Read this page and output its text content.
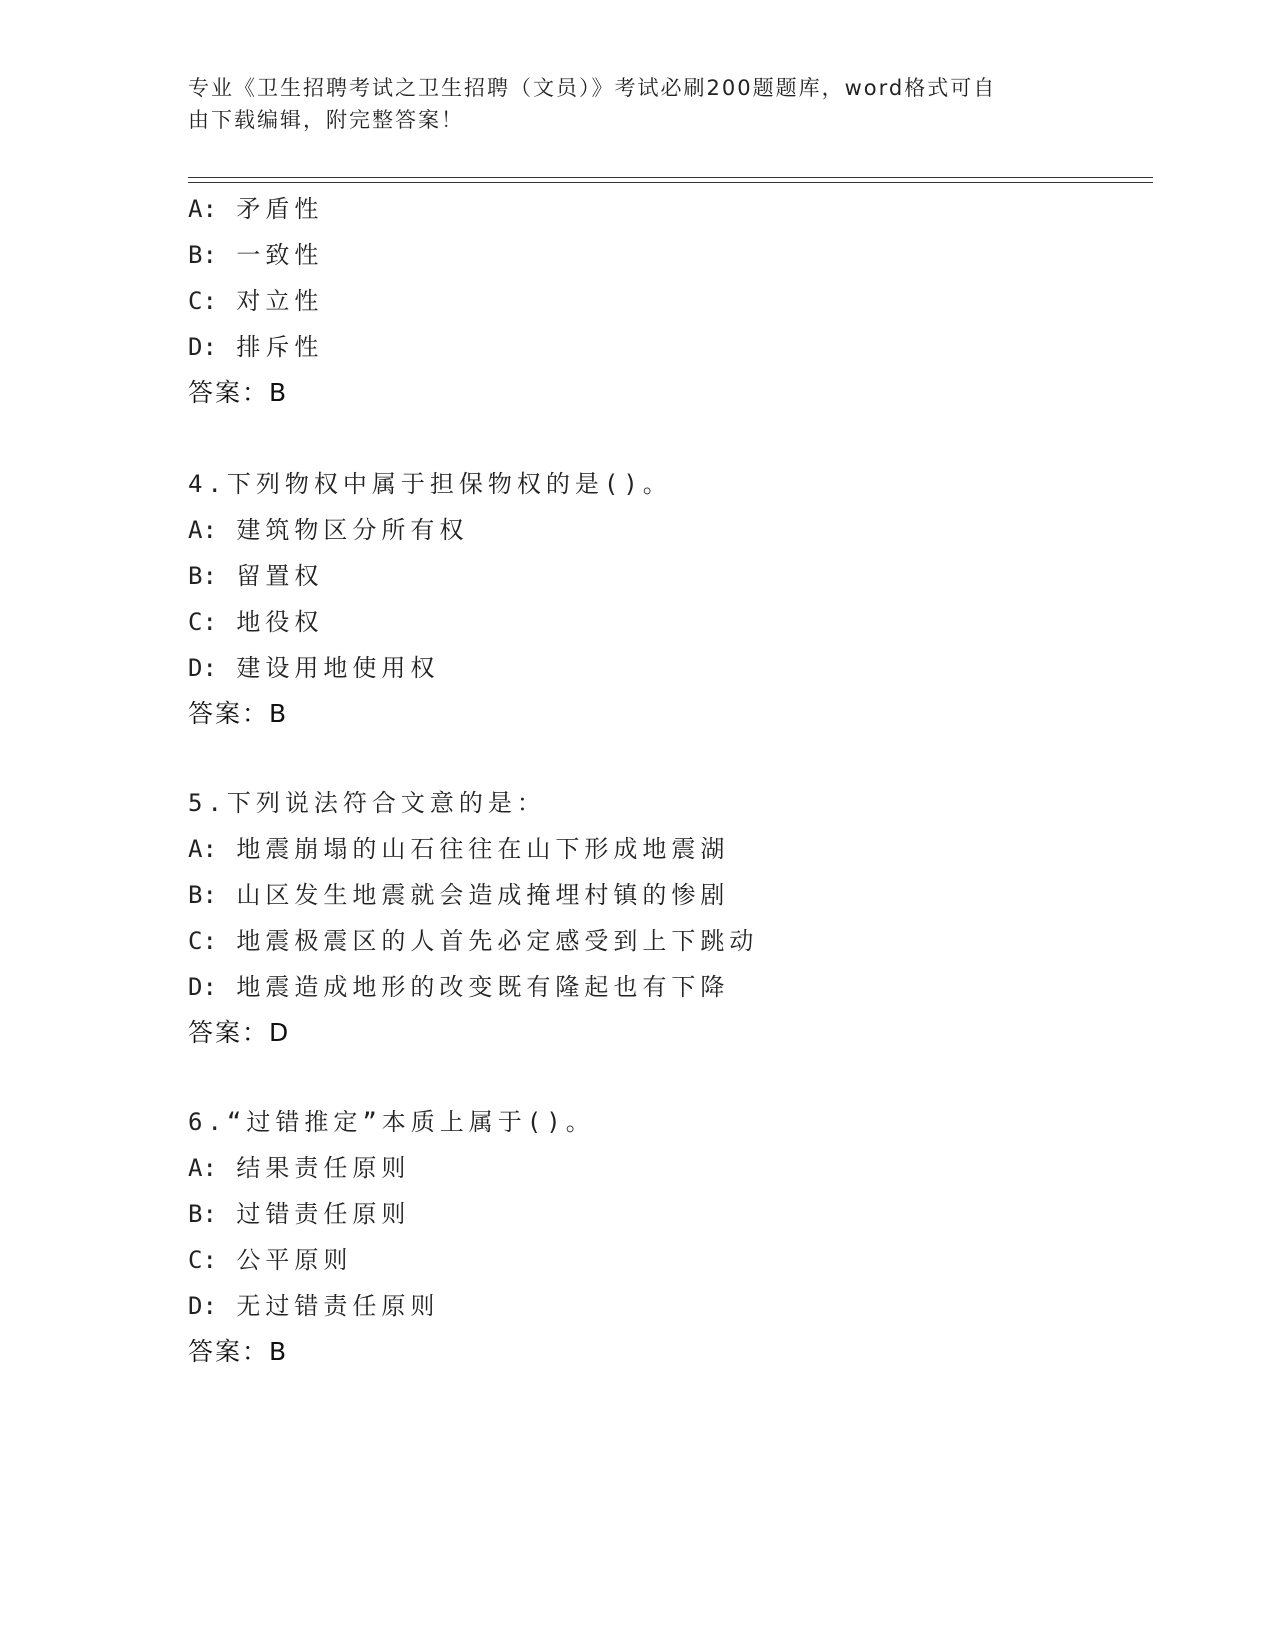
专业《卫生招聘考试之卫生招聘（文员）》考试必刷200题题库，word格式可自
由下载编辑，附完整答案！
A: 矛盾性
B: 一致性
C: 对立性
D: 排斥性
答案：B
4.下列物权中属于担保物权的是()。
A: 建筑物区分所有权
B: 留置权
C: 地役权
D: 建设用地使用权
答案：B
5.下列说法符合文意的是：
A: 地震崩塌的山石往往在山下形成地震湖
B: 山区发生地震就会造成掩埋村镇的惨剧
C: 地震极震区的人首先必定感受到上下跳动
D: 地震造成地形的改变既有隆起也有下降
答案：D
6.“过错推定”本质上属于()。
A: 结果责任原则
B: 过错责任原则
C: 公平原则
D: 无过错责任原则
答案：B
